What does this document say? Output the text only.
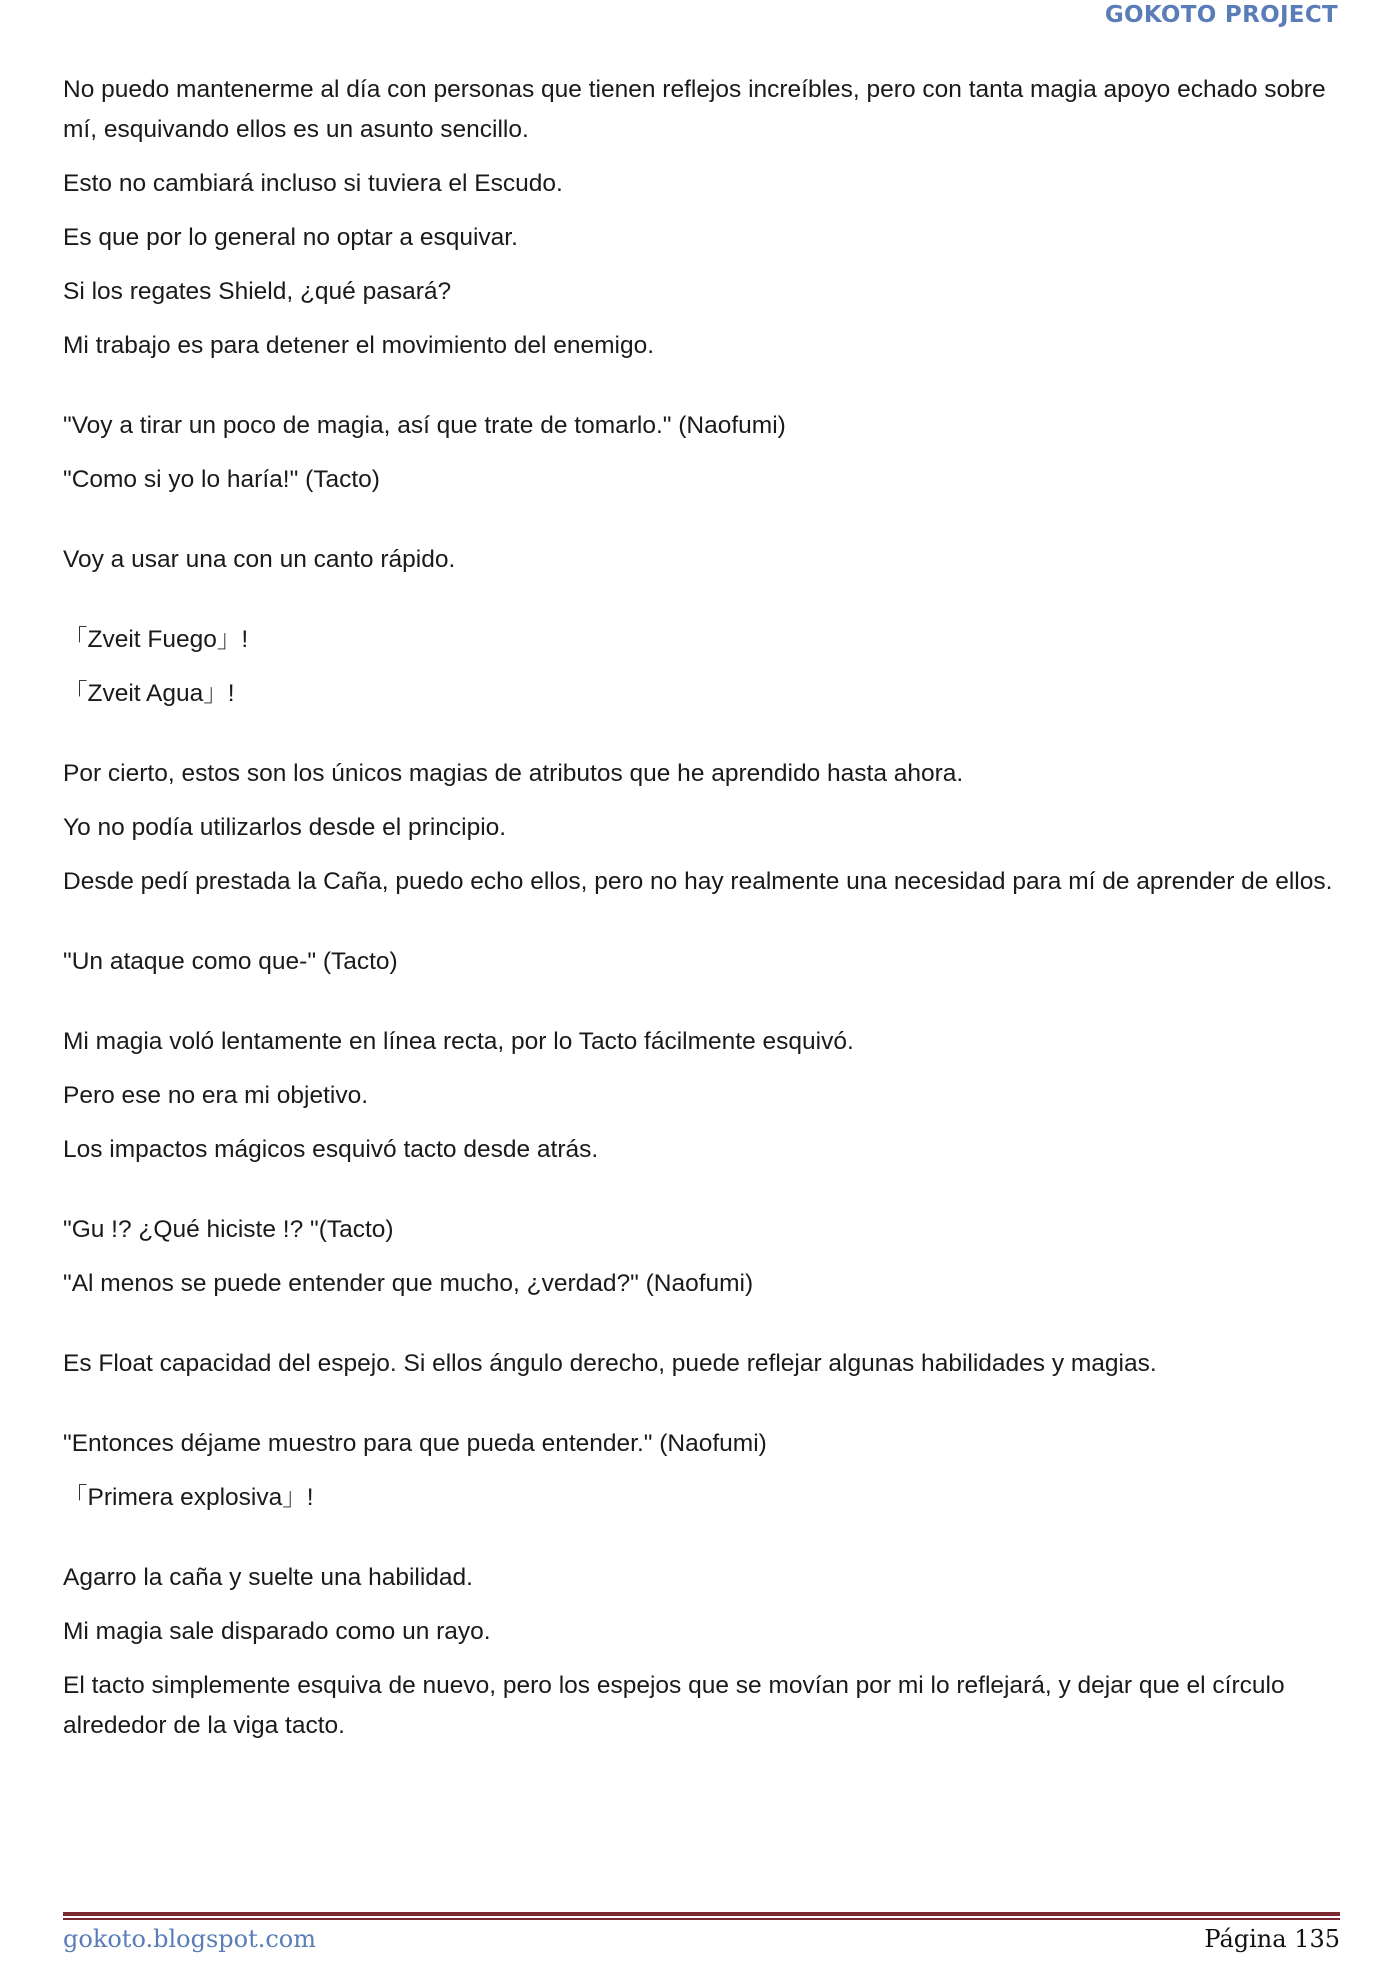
GOKOTO PROJECT

No puedo mantenerme al día con personas que tienen reflejos increíbles, pero con tanta magia apoyo echado sobre mí, esquivando ellos es un asunto sencillo.

Esto no cambiará incluso si tuviera el Escudo.

Es que por lo general no optar a esquivar.

Si los regates Shield, ¿qué pasará?

Mi trabajo es para detener el movimiento del enemigo.

"Voy a tirar un poco de magia, así que trate de tomarlo." (Naofumi)

"Como si yo lo haría!" (Tacto)

Voy a usar una con un canto rápido.

「Zveit Fuego」!

「Zveit Agua」!

Por cierto, estos son los únicos magias de atributos que he aprendido hasta ahora.

Yo no podía utilizarlos desde el principio.

Desde pedí prestada la Caña, puedo echo ellos, pero no hay realmente una necesidad para mí de aprender de ellos.

"Un ataque como que-" (Tacto)

Mi magia voló lentamente en línea recta, por lo Tacto fácilmente esquivó.

Pero ese no era mi objetivo.

Los impactos mágicos esquivó tacto desde atrás.

"Gu !? ¿Qué hiciste !? "(Tacto)

"Al menos se puede entender que mucho, ¿verdad?" (Naofumi)

Es Float capacidad del espejo. Si ellos ángulo derecho, puede reflejar algunas habilidades y magias.

"Entonces déjame muestro para que pueda entender." (Naofumi)

「Primera explosiva」!

Agarro la caña y suelte una habilidad.

Mi magia sale disparado como un rayo.

El tacto simplemente esquiva de nuevo, pero los espejos que se movían por mi lo reflejará, y dejar que el círculo alrededor de la viga tacto.

gokoto.blogspot.com	Página 135
